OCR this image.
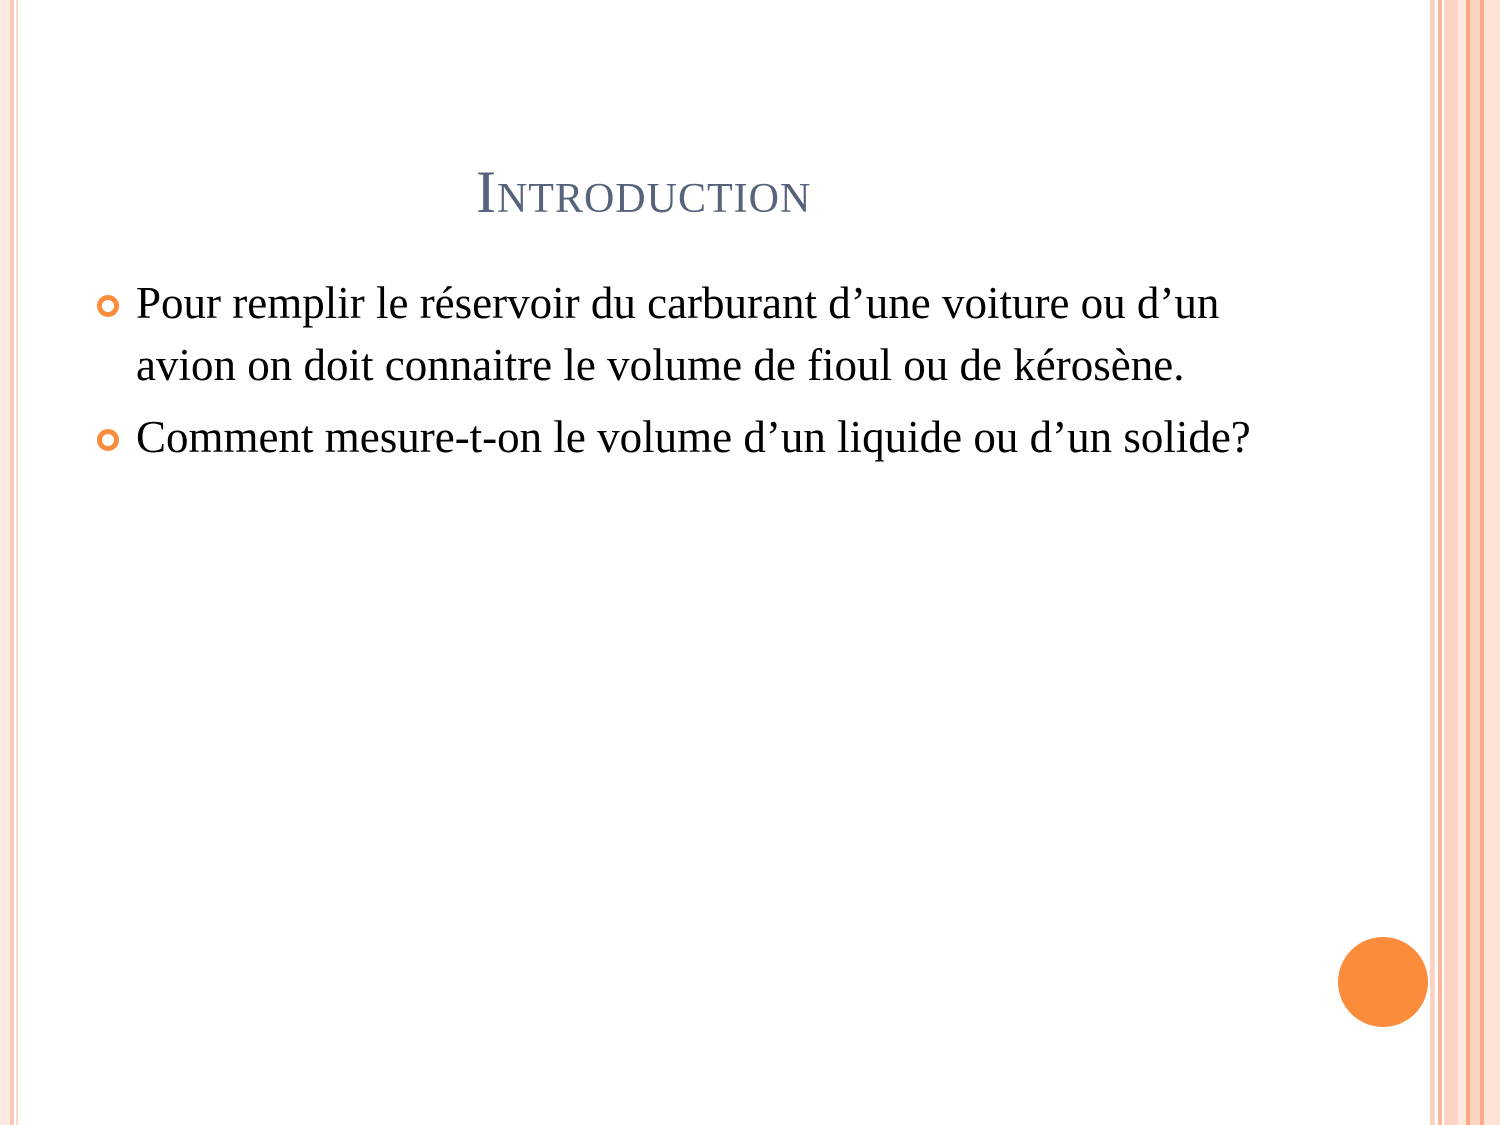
Introduction
Pour remplir le réservoir du carburant d’une voiture ou d’un avion on doit connaitre le volume de fioul ou de kérosène.
Comment mesure-t-on le volume d’un liquide ou d’un solide?
